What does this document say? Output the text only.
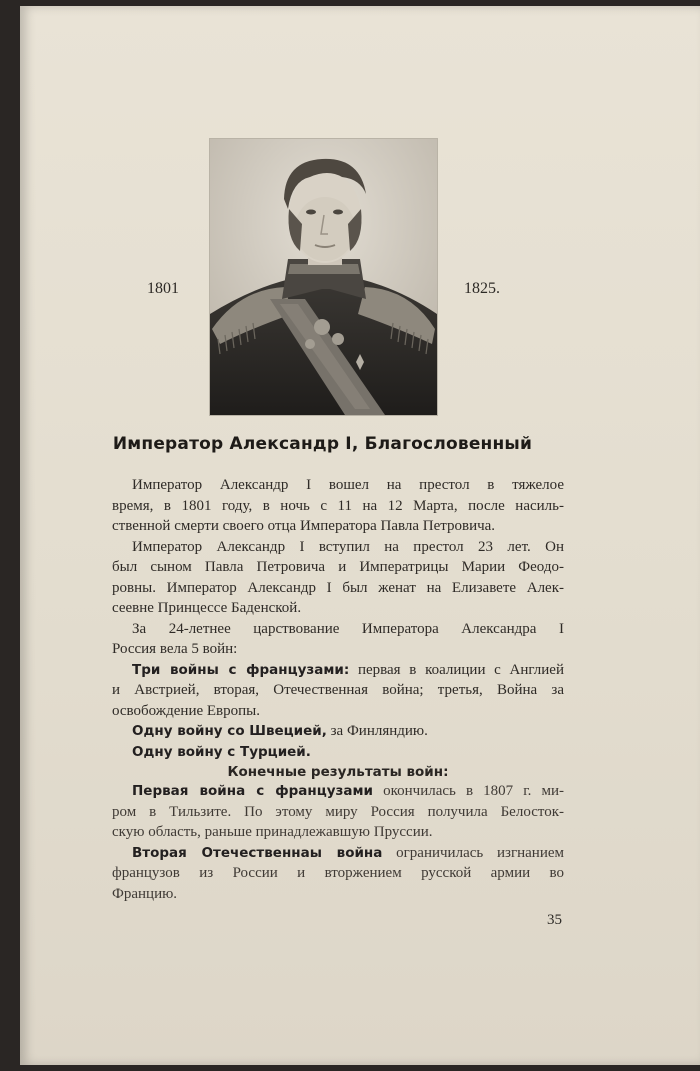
1801	1825.
Император Александр I, Благословенный
Император Александр I вошел на престол в тяжелое
время, в 1801 году, в ночь с 11 на 12 Марта, после насиль-
ственной смерти своего отца Императора Павла Петровича.
Император Александр I вступил на престол 23 лет. Он
был сыном Павла Петровича и Императрицы Марии Феодо-
ровны. Император Александр I был женат на Елизавете Алек-
сеевне Принцессе Баденской.
За 24-летнее царствование Императора Александра I
Россия вела 5 войн:
Три войны с французами: первая в коалиции с Англией
и Австрией, вторая, Отечественная война; третья, Война за
освобождение Европы.
Одну войну со Швецией, за Финляндию.
Одну войну с Турцией.
Конечные результаты войн:
Первая война с французами окончилась в 1807 г. ми-
ром в Тильзите. По этому миру Россия получила Белосток-
скую область, раньше принадлежавшую Пруссии.
Вторая Отечественнаы война ограничилась изгнанием
французов из России и вторжением русской армии во
Францию.
35
